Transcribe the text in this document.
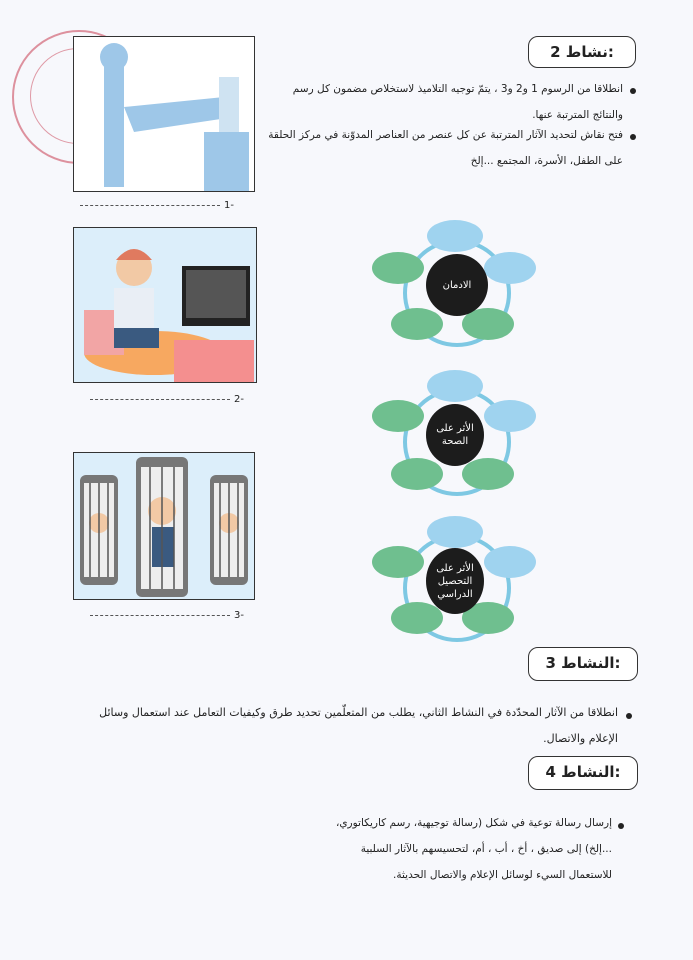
نشاط 2:
انطلاقا من الرسوم 1 و2 و3 ، يتمّ توجيه التلاميذ لاستخلاص مضمون كل رسم والنتائج المترتبة عنها.
فتح نقاش لتحديد الآثار المترتبة عن كل عنصر من العناصر المدوّنة في مركز الحلقة على الطفل، الأسرة، المجتمع ...إلخ
1-
2-
3-
الادمان
الأثر على الصحة
الأثر على التحصيل الدراسي
النشاط 3:
انطلاقا من الآثار المحدّدة في النشاط الثاني، يطلب من المتعلّمين تحديد طرق وكيفيات التعامل عند استعمال وسائل الإعلام والاتصال.
النشاط 4:
إرسال رسالة توعية في شكل (رسالة توجيهية، رسم كاريكاتوري، ...إلخ) إلى صديق ، أخ ، أب ، أم، لتحسيسهم بالآثار السلبية للاستعمال السيء لوسائل الإعلام والاتصال الحديثة.
